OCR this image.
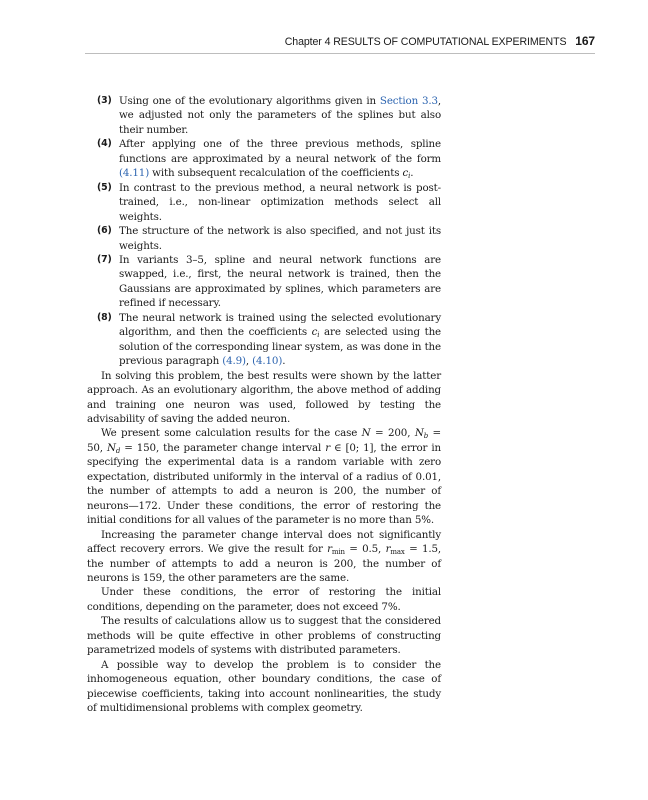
Chapter 4 RESULTS OF COMPUTATIONAL EXPERIMENTS 167
(3) Using one of the evolutionary algorithms given in Section 3.3, we adjusted not only the parameters of the splines but also their number.
(4) After applying one of the three previous methods, spline functions are approximated by a neural network of the form (4.11) with subsequent recalculation of the coefficients $c_i$.
(5) In contrast to the previous method, a neural network is post-trained, i.e., non-linear optimization methods select all weights.
(6) The structure of the network is also specified, and not just its weights.
(7) In variants 3–5, spline and neural network functions are swapped, i.e., first, the neural network is trained, then the Gaussians are approximated by splines, which parameters are refined if necessary.
(8) The neural network is trained using the selected evolutionary algorithm, and then the coefficients $c_i$ are selected using the solution of the corresponding linear system, as was done in the previous paragraph (4.9), (4.10).

In solving this problem, the best results were shown by the latter approach. As an evolutionary algorithm, the above method of adding and training one neuron was used, followed by testing the advisability of saving the added neuron.

We present some calculation results for the case N = 200, $N_b = 50$, $N_d = 150$, the parameter change interval r ∈ [0; 1], the error in specifying the experimental data is a random variable with zero expectation, distributed uniformly in the interval of a radius of 0.01, the number of attempts to add a neuron is 200, the number of neurons—172. Under these conditions, the error of restoring the initial conditions for all values of the parameter is no more than 5%.

Increasing the parameter change interval does not significantly affect recovery errors. We give the result for $r_{min} = 0.5$, $r_{max} = 1.5$, the number of attempts to add a neuron is 200, the number of neurons is 159, the other parameters are the same.

Under these conditions, the error of restoring the initial conditions, depending on the parameter, does not exceed 7%.

The results of calculations allow us to suggest that the considered methods will be quite effective in other problems of constructing parametrized models of systems with distributed parameters.

A possible way to develop the problem is to consider the inhomogeneous equation, other boundary conditions, the case of piecewise coefficients, taking into account nonlinearities, the study of multidimensional problems with complex geometry.
